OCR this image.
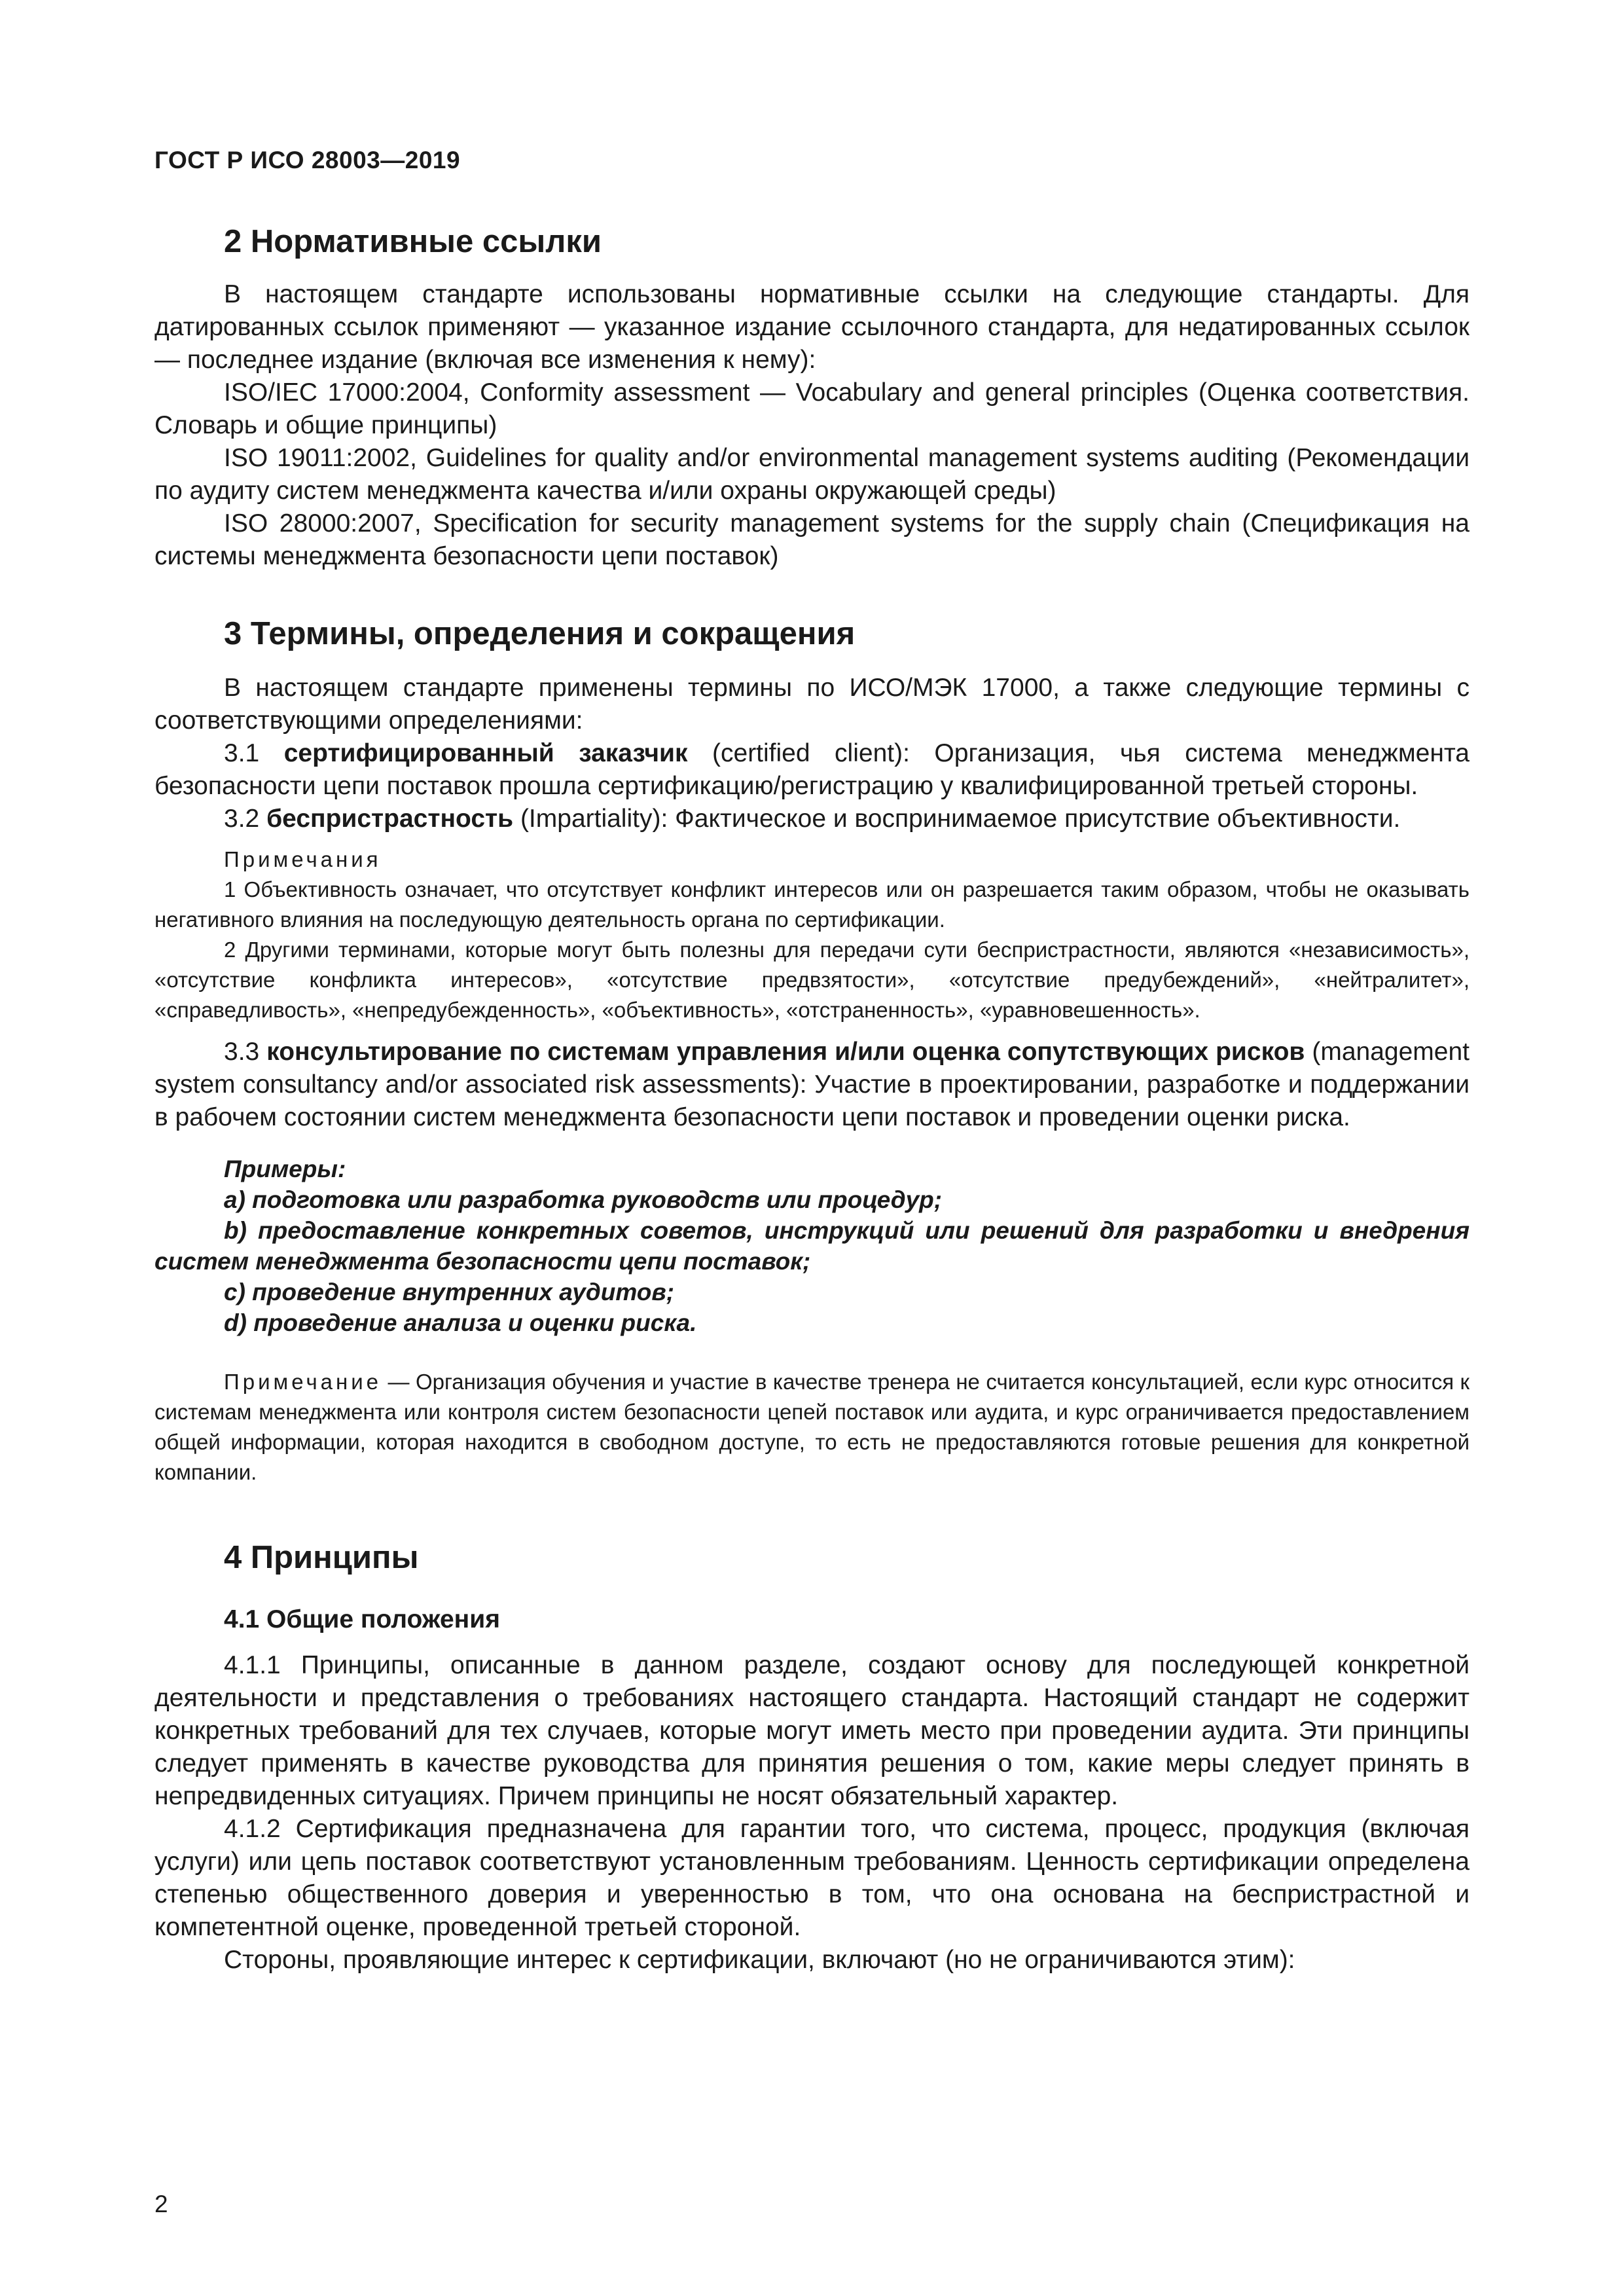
ГОСТ Р ИСО 28003—2019
2 Нормативные ссылки

В настоящем стандарте использованы нормативные ссылки на следующие стандарты. Для датированных ссылок применяют — указанное издание ссылочного стандарта, для недатированных ссылок — последнее издание (включая все изменения к нему):

ISO/IEC 17000:2004, Conformity assessment — Vocabulary and general principles (Оценка соответствия. Словарь и общие принципы)

ISO 19011:2002, Guidelines for quality and/or environmental management systems auditing (Рекомендации по аудиту систем менеджмента качества и/или охраны окружающей среды)

ISO 28000:2007, Specification for security management systems for the supply chain (Спецификация на системы менеджмента безопасности цепи поставок)

3 Термины, определения и сокращения

В настоящем стандарте применены термины по ИСО/МЭК 17000, а также следующие термины с соответствующими определениями:

3.1 сертифицированный заказчик (certified client): Организация, чья система менеджмента безопасности цепи поставок прошла сертификацию/регистрацию у квалифицированной третьей стороны.

3.2 беспристрастность (Impartiality): Фактическое и воспринимаемое присутствие объективности.

Примечания

1 Объективность означает, что отсутствует конфликт интересов или он разрешается таким образом, чтобы не оказывать негативного влияния на последующую деятельность органа по сертификации.

2 Другими терминами, которые могут быть полезны для передачи сути беспристрастности, являются «независимость», «отсутствие конфликта интересов», «отсутствие предвзятости», «отсутствие предубеждений», «нейтралитет», «справедливость», «непредубежденность», «объективность», «отстраненность», «уравновешенность».

3.3 консультирование по системам управления и/или оценка сопутствующих рисков (management system consultancy and/or associated risk assessments): Участие в проектировании, разработке и поддержании в рабочем состоянии систем менеджмента безопасности цепи поставок и проведении оценки риска.

Примеры:
a) подготовка или разработка руководств или процедур;
b) предоставление конкретных советов, инструкций или решений для разработки и внедрения систем менеджмента безопасности цепи поставок;
c) проведение внутренних аудитов;
d) проведение анализа и оценки риска.

Примечание — Организация обучения и участие в качестве тренера не считается консультацией, если курс относится к системам менеджмента или контроля систем безопасности цепей поставок или аудита, и курс ограничивается предоставлением общей информации, которая находится в свободном доступе, то есть не предоставляются готовые решения для конкретной компании.

4 Принципы
4.1 Общие положения

4.1.1 Принципы, описанные в данном разделе, создают основу для последующей конкретной деятельности и представления о требованиях настоящего стандарта. Настоящий стандарт не содержит конкретных требований для тех случаев, которые могут иметь место при проведении аудита. Эти принципы следует применять в качестве руководства для принятия решения о том, какие меры следует принять в непредвиденных ситуациях. Причем принципы не носят обязательный характер.

4.1.2 Сертификация предназначена для гарантии того, что система, процесс, продукция (включая услуги) или цепь поставок соответствуют установленным требованиям. Ценность сертификации определена степенью общественного доверия и уверенностью в том, что она основана на беспристрастной и компетентной оценке, проведенной третьей стороной.

Стороны, проявляющие интерес к сертификации, включают (но не ограничиваются этим):

2
